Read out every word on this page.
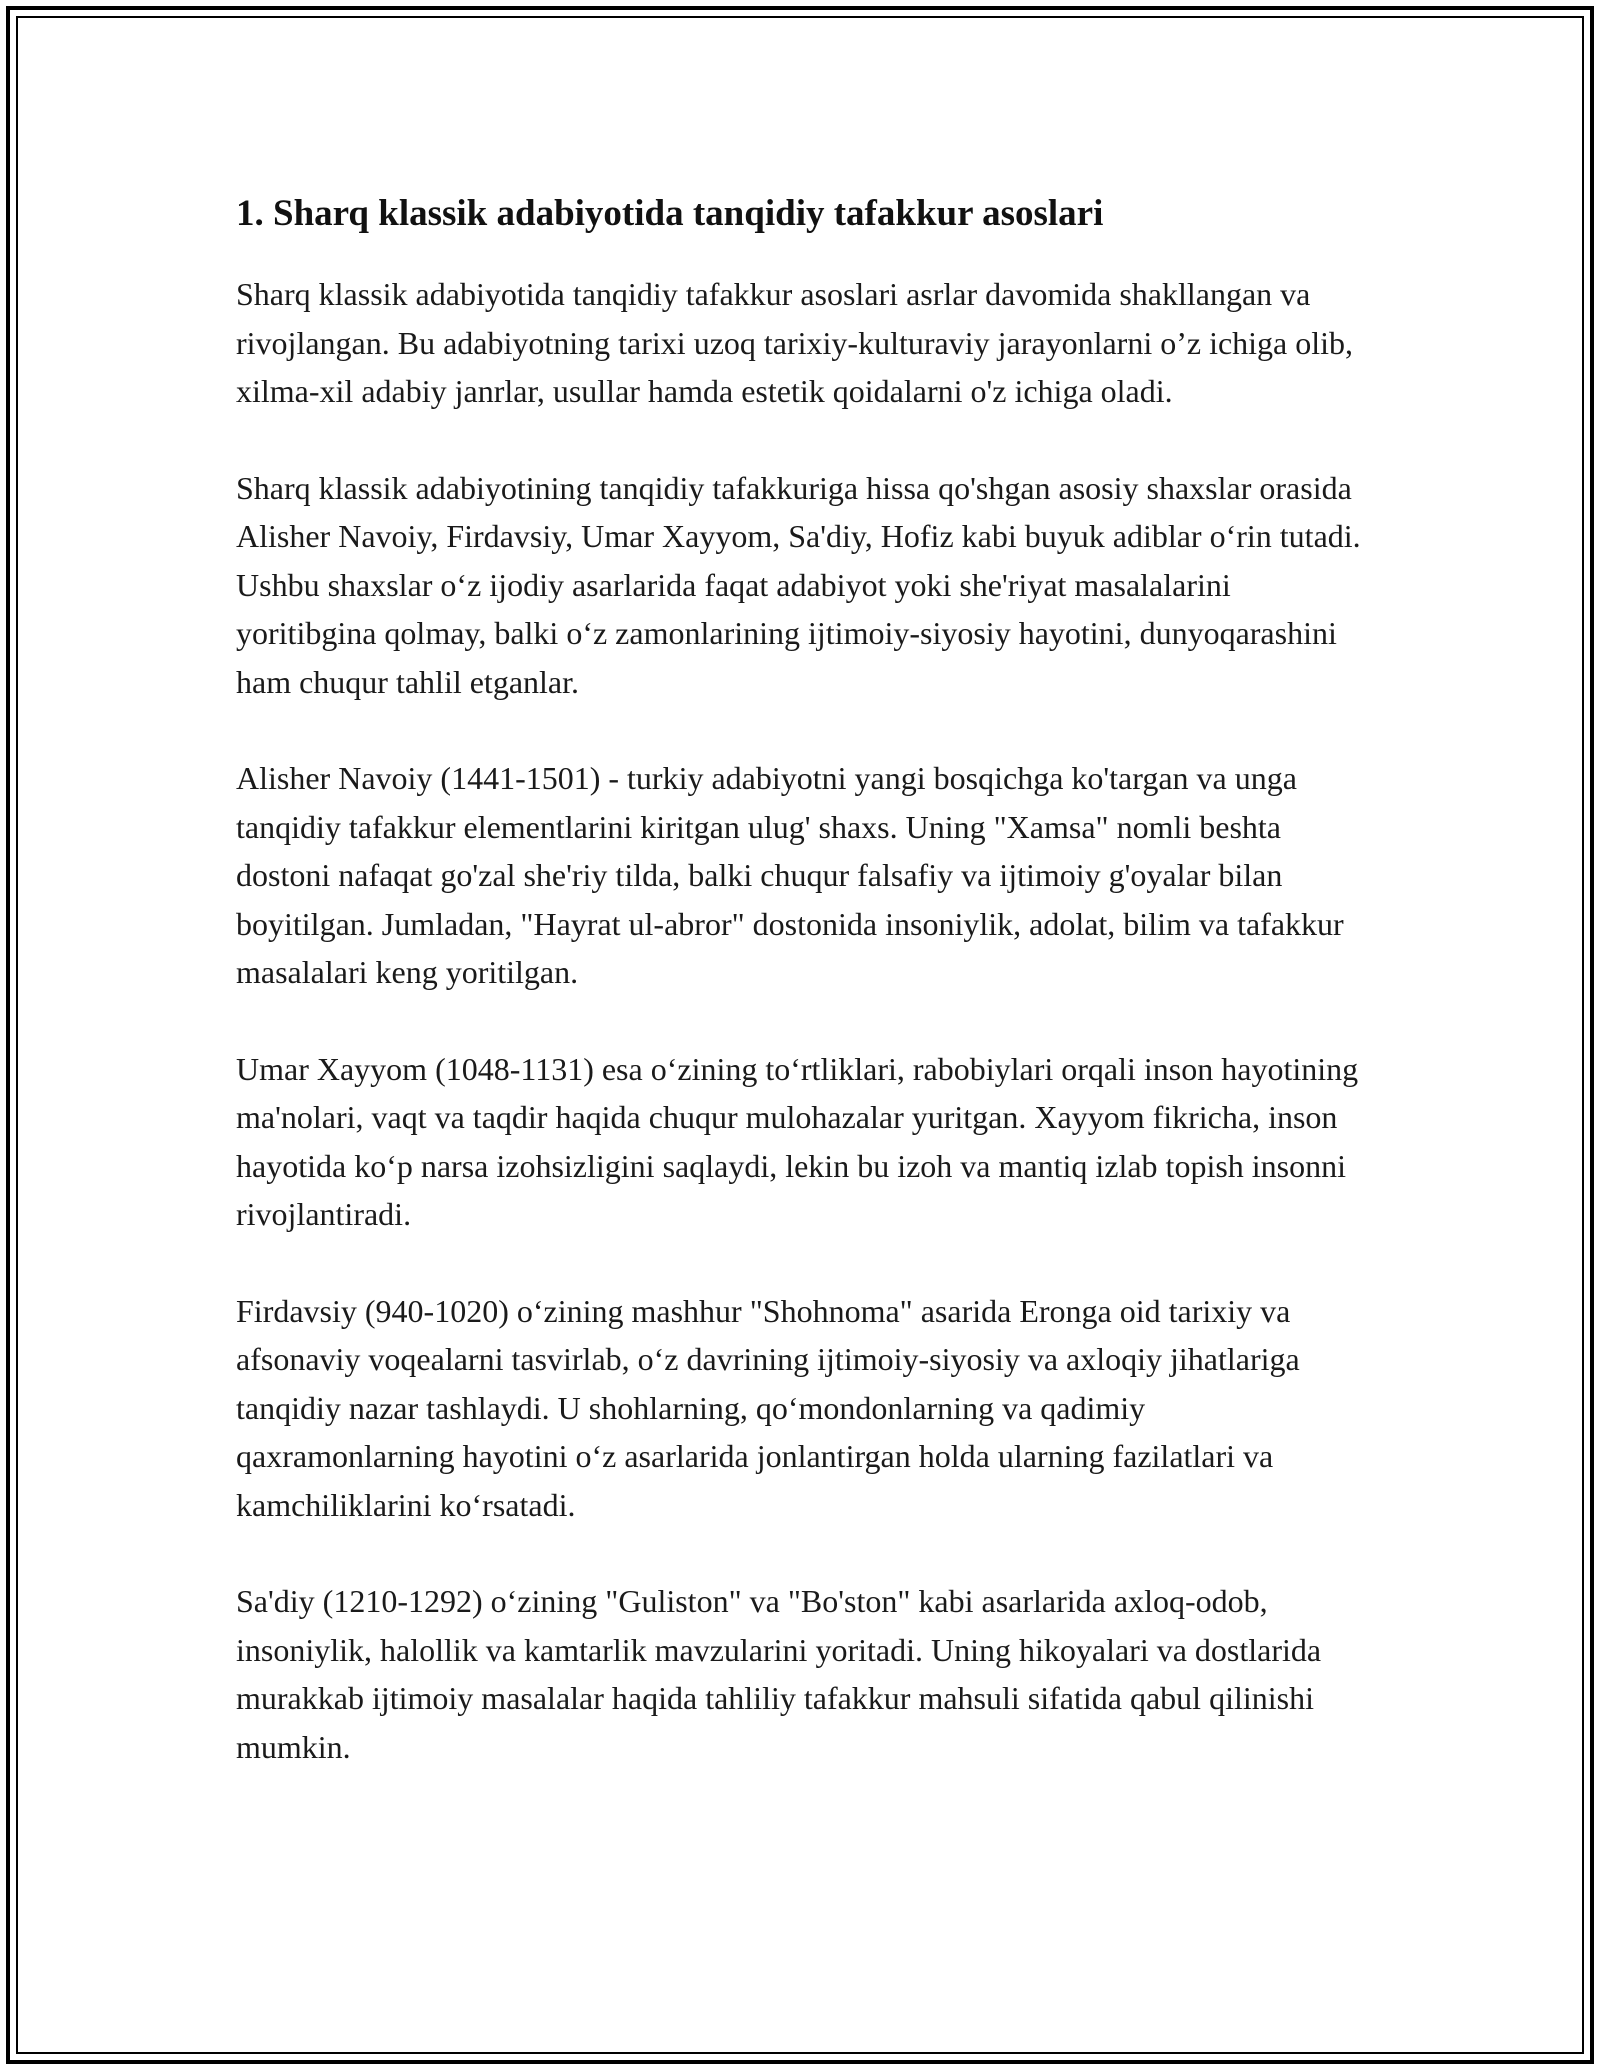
1. Sharq klassik adabiyotida tanqidiy tafakkur asoslari

Sharq klassik adabiyotida tanqidiy tafakkur asoslari asrlar davomida shakllangan va rivojlangan. Bu adabiyotning tarixi uzoq tarixiy-kulturaviy jarayonlarni o’z ichiga olib, xilma-xil adabiy janrlar, usullar hamda estetik qoidalarni o'z ichiga oladi.

Sharq klassik adabiyotining tanqidiy tafakkuriga hissa qo'shgan asosiy shaxslar orasida Alisher Navoiy, Firdavsiy, Umar Xayyom, Sa'diy, Hofiz kabi buyuk adiblar o‘rin tutadi. Ushbu shaxslar o‘z ijodiy asarlarida faqat adabiyot yoki she'riyat masalalarini yoritibgina qolmay, balki o‘z zamonlarining ijtimoiy-siyosiy hayotini, dunyoqarashini ham chuqur tahlil etganlar.

Alisher Navoiy (1441-1501) - turkiy adabiyotni yangi bosqichga ko'targan va unga tanqidiy tafakkur elementlarini kiritgan ulug' shaxs. Uning "Xamsa" nomli beshta dostoni nafaqat go'zal she'riy tilda, balki chuqur falsafiy va ijtimoiy g'oyalar bilan boyitilgan. Jumladan, "Hayrat ul-abror" dostonida insoniylik, adolat, bilim va tafakkur masalalari keng yoritilgan.

Umar Xayyom (1048-1131) esa o‘zining to‘rtliklari, rabobiylari orqali inson hayotining ma'nolari, vaqt va taqdir haqida chuqur mulohazalar yuritgan. Xayyom fikricha, inson hayotida ko‘p narsa izohsizligini saqlaydi, lekin bu izoh va mantiq izlab topish insonni rivojlantiradi.

Firdavsiy (940-1020) o‘zining mashhur "Shohnoma" asarida Eronga oid tarixiy va afsonaviy voqealarni tasvirlab, o‘z davrining ijtimoiy-siyosiy va axloqiy jihatlariga tanqidiy nazar tashlaydi. U shohlarning, qo‘mondonlarning va qadimiy qaxramonlarning hayotini o‘z asarlarida jonlantirgan holda ularning fazilatlari va kamchiliklarini ko‘rsatadi.

Sa'diy (1210-1292) o‘zining "Guliston" va "Bo'ston" kabi asarlarida axloq-odob, insoniylik, halollik va kamtarlik mavzularini yoritadi. Uning hikoyalari va dostlarida murakkab ijtimoiy masalalar haqida tahliliy tafakkur mahsuli sifatida qabul qilinishi mumkin.
